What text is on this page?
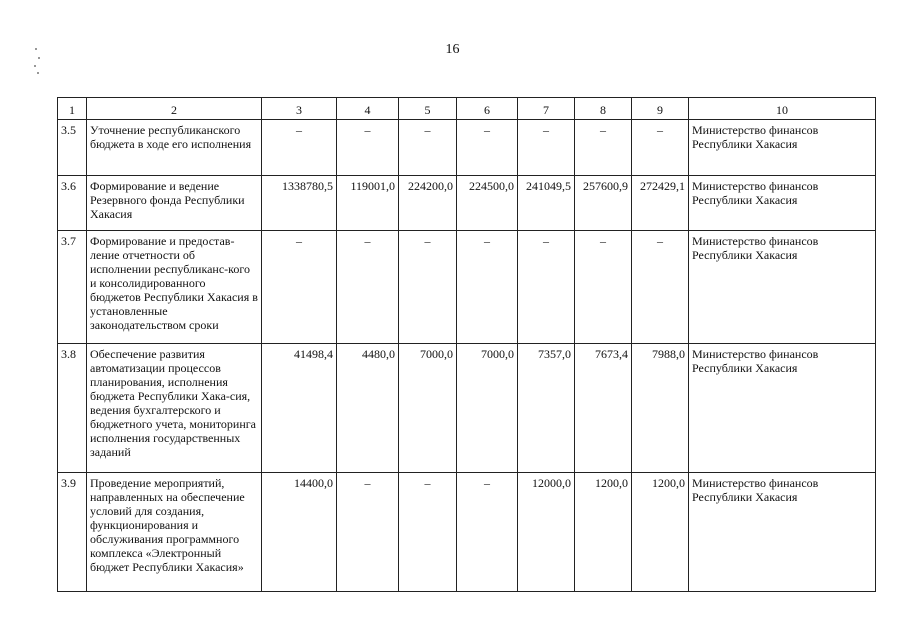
16
1	2	3	4	5	6	7	8	9	10
3.5	Уточнение республиканского бюджета в ходе его исполнения	–	–	–	–	–	–	–	Министерство финансов Республики Хакасия
3.6	Формирование и ведение Резервного фонда Республики Хакасия	1338780,5	119001,0	224200,0	224500,0	241049,5	257600,9	272429,1	Министерство финансов Республики Хакасия
3.7	Формирование и предостав-ление отчетности об исполнении республиканс-кого и консолидированного бюджетов Республики Хакасия в установленные законодательством сроки	–	–	–	–	–	–	–	Министерство финансов Республики Хакасия
3.8	Обеспечение развития автоматизации процессов планирования, исполнения бюджета Республики Хака-сия, ведения бухгалтерского и бюджетного учета, мониторинга исполнения государственных заданий	41498,4	4480,0	7000,0	7000,0	7357,0	7673,4	7988,0	Министерство финансов Республики Хакасия
3.9	Проведение мероприятий, направленных на обеспечение условий для создания, функционирования и обслуживания программного комплекса «Электронный бюджет Республики Хакасия»	14400,0	–	–	–	12000,0	1200,0	1200,0	Министерство финансов Республики Хакасия
